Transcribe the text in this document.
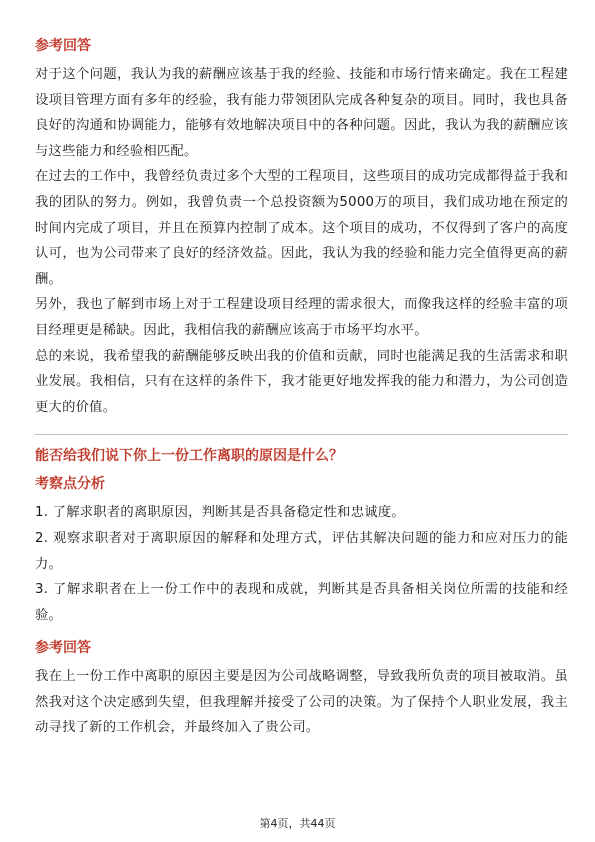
参考回答

对于这个问题，我认为我的薪酬应该基于我的经验、技能和市场行情来确定。我在工程建设项目管理方面有多年的经验，我有能力带领团队完成各种复杂的项目。同时，我也具备良好的沟通和协调能力，能够有效地解决项目中的各种问题。因此，我认为我的薪酬应该与这些能力和经验相匹配。

在过去的工作中，我曾经负责过多个大型的工程项目，这些项目的成功完成都得益于我和我的团队的努力。例如，我曾负责一个总投资额为5000万的项目，我们成功地在预定的时间内完成了项目，并且在预算内控制了成本。这个项目的成功，不仅得到了客户的高度认可，也为公司带来了良好的经济效益。因此，我认为我的经验和能力完全值得更高的薪酬。

另外，我也了解到市场上对于工程建设项目经理的需求很大，而像我这样的经验丰富的项目经理更是稀缺。因此，我相信我的薪酬应该高于市场平均水平。

总的来说，我希望我的薪酬能够反映出我的价值和贡献，同时也能满足我的生活需求和职业发展。我相信，只有在这样的条件下，我才能更好地发挥我的能力和潜力，为公司创造更大的价值。

能否给我们说下你上一份工作离职的原因是什么？
考察点分析

1. 了解求职者的离职原因，判断其是否具备稳定性和忠诚度。

2. 观察求职者对于离职原因的解释和处理方式，评估其解决问题的能力和应对压力的能力。

3. 了解求职者在上一份工作中的表现和成就，判断其是否具备相关岗位所需的技能和经验。

参考回答

我在上一份工作中离职的原因主要是因为公司战略调整，导致我所负责的项目被取消。虽然我对这个决定感到失望，但我理解并接受了公司的决策。为了保持个人职业发展，我主动寻找了新的工作机会，并最终加入了贵公司。

第4页，共44页
